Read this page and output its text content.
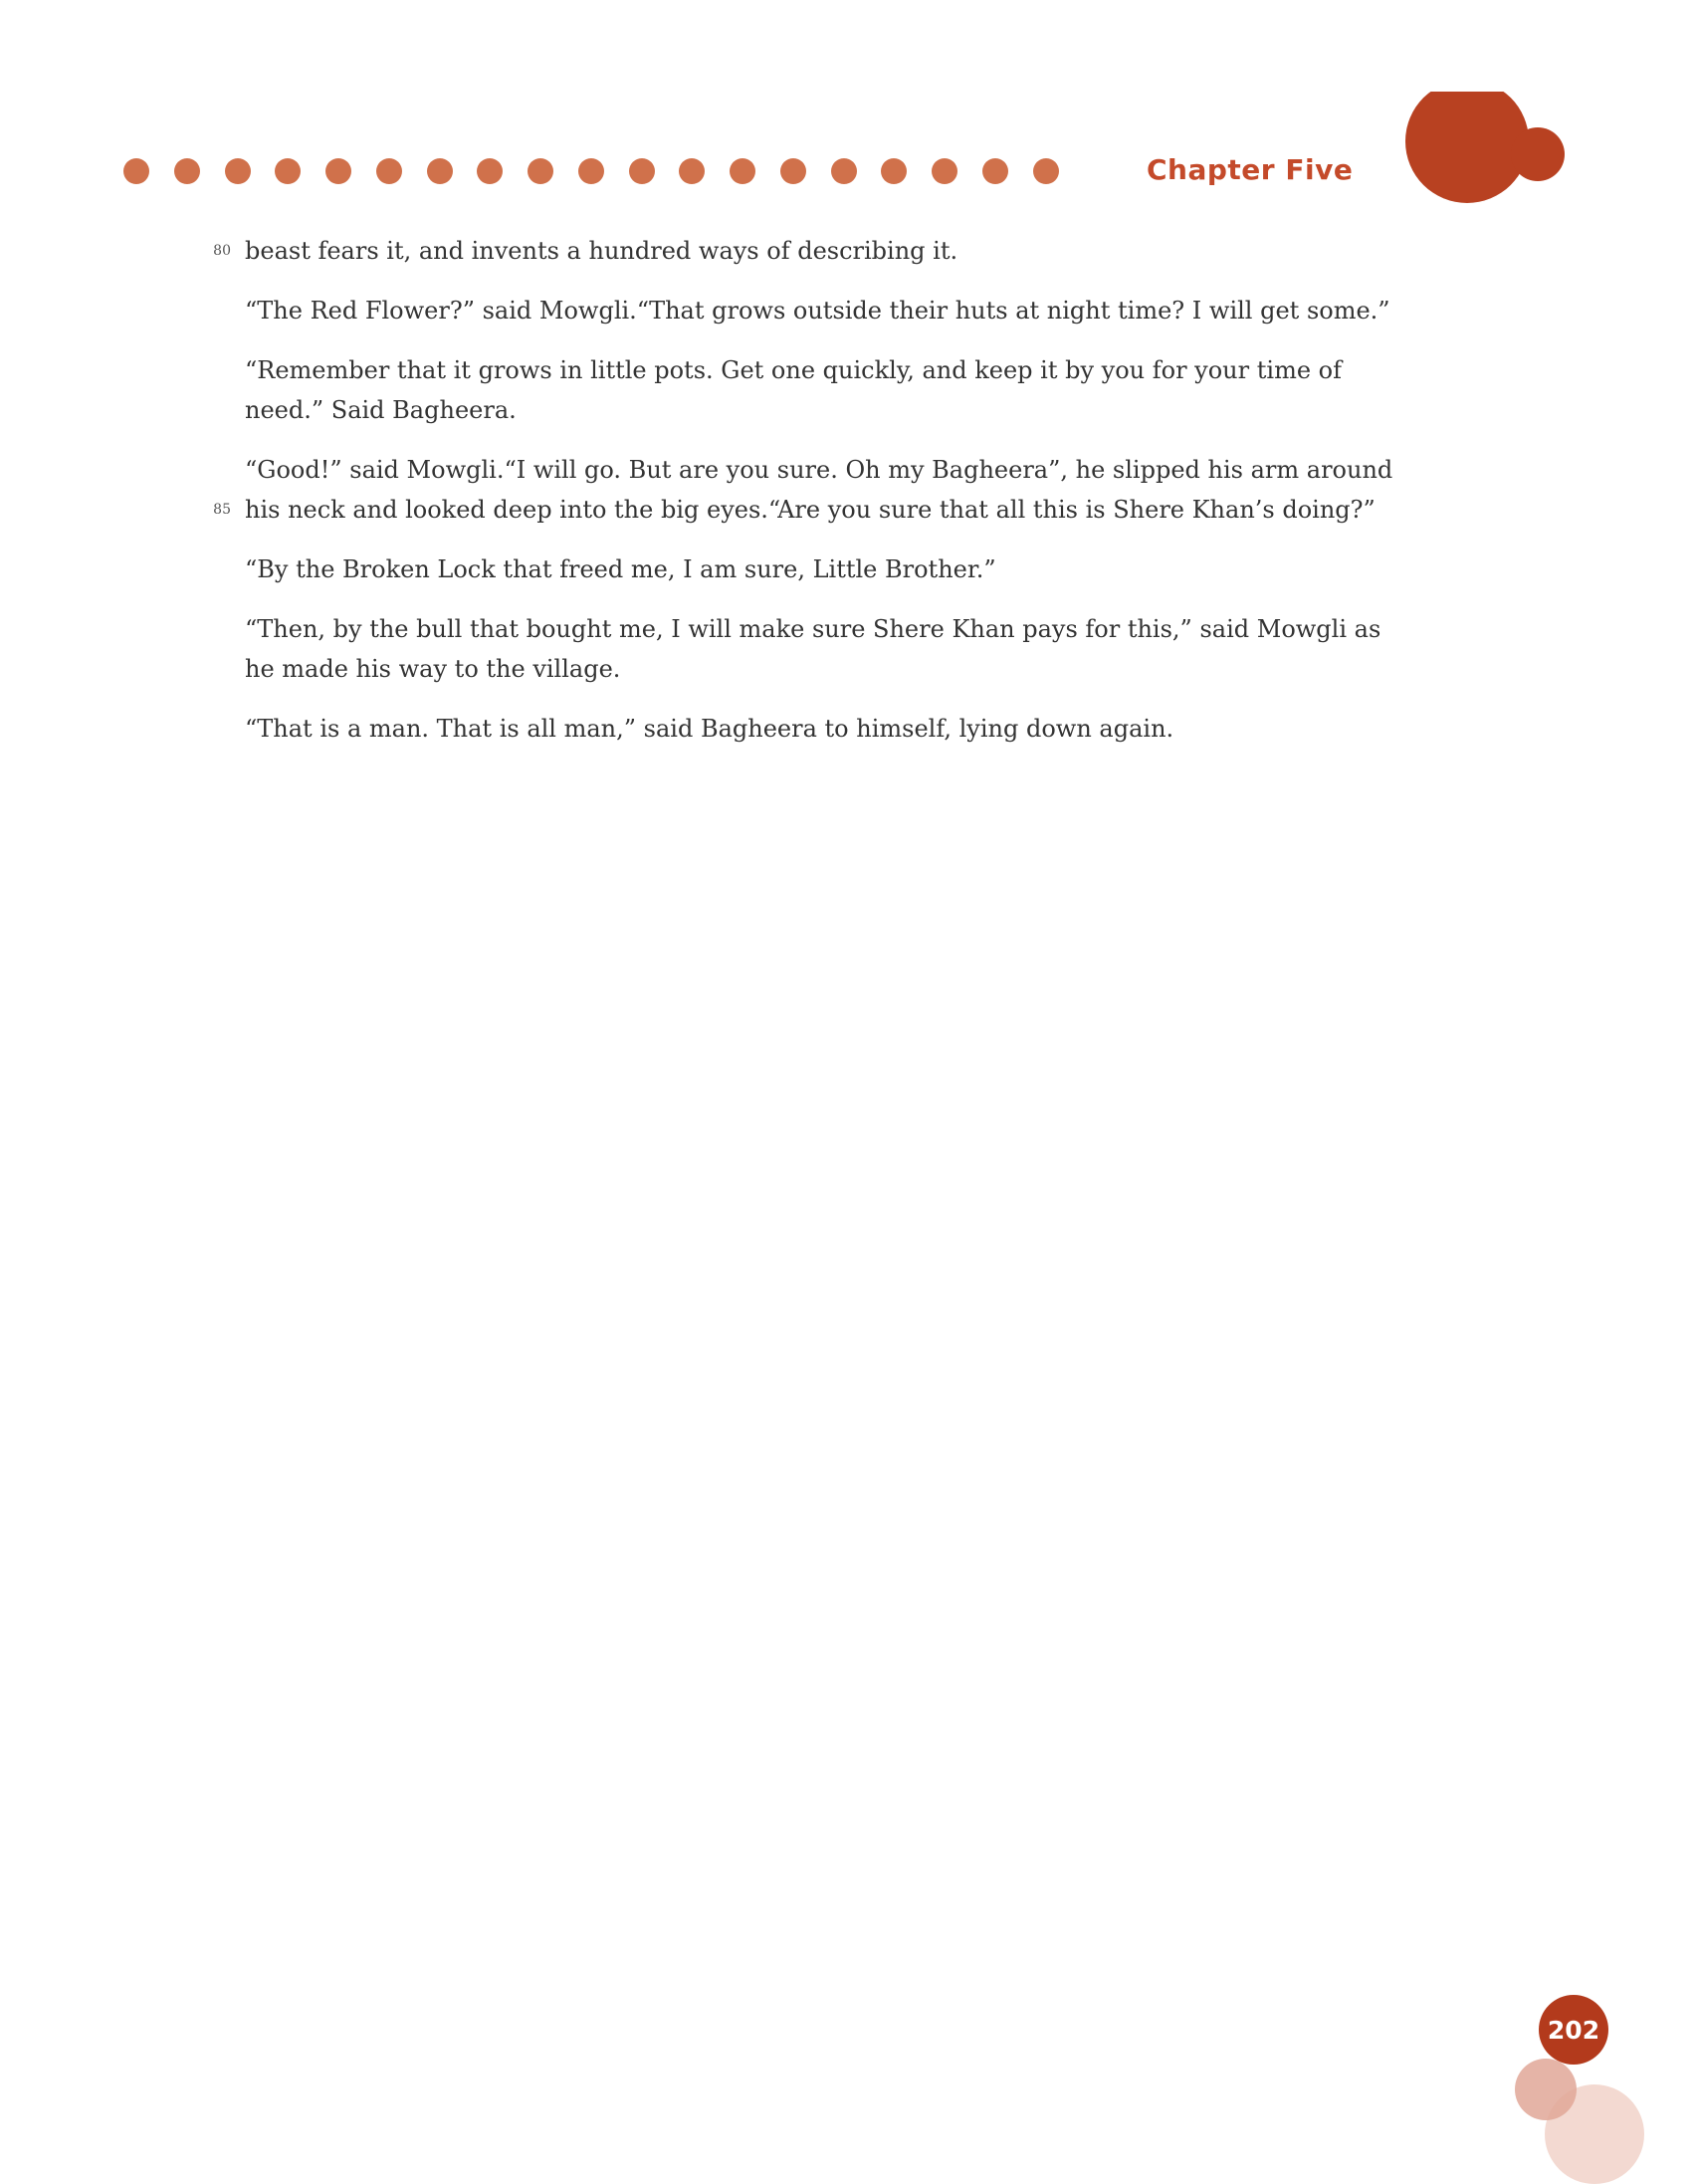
Chapter Five

80 beast fears it, and invents a hundred ways of describing it.

“The Red Flower?” said Mowgli.“That grows outside their huts at night time? I will get some.”

“Remember that it grows in little pots. Get one quickly, and keep it by you for your time of need.” Said Bagheera.

85
“Good!” said Mowgli.“I will go. But are you sure. Oh my Bagheera”, he slipped his arm around his neck and looked deep into the big eyes.“Are you sure that all this is Shere Khan’s doing?”

“By the Broken Lock that freed me, I am sure, Little Brother.”

“Then, by the bull that bought me, I will make sure Shere Khan pays for this,” said Mowgli as he made his way to the village.

“That is a man. That is all man,” said Bagheera to himself, lying down again.

202
